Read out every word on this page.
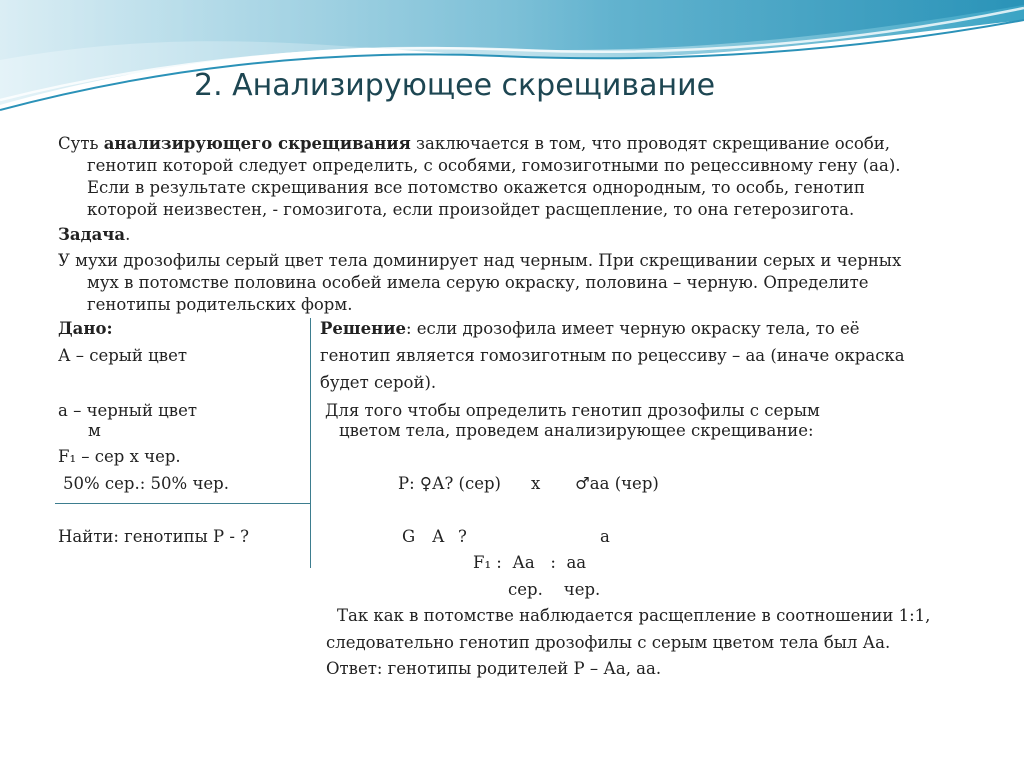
2. Анализирующее скрещивание
Суть анализирующего скрещивания заключается в том, что проводят скрещивание особи,
генотип которой следует определить, с особями, гомозиготными по рецессивному гену (аа).
Если в результате скрещивания все потомство окажется однородным, то особь, генотип
которой неизвестен, - гомозигота, если произойдет расщепление, то она гетерозигота.
Задача.
У мухи дрозофилы серый цвет тела доминирует над черным. При скрещивании серых и черных
мух в потомстве половина особей имела серую окраску, половина – черную. Определите
генотипы родительских форм.
Дано:
А – серый цвет
а – черный цвет
м
F₁ – сер х чер.
50% сер.: 50% чер.
Найти: генотипы Р - ?
Решение: если дрозофила имеет черную окраску тела, то её
генотип является гомозиготным по рецессиву – аа (иначе окраска
будет серой).
Для того чтобы определить генотип дрозофилы с серым
цветом тела, проведем анализирующее скрещивание:
Р: ♀А? (сер) х ♂аа (чер)
G А ?	а
F₁ :  Аа   :  аа
сер.    чер.
Так как в потомстве наблюдается расщепление в соотношении 1:1,
следовательно генотип дрозофилы с серым цветом тела был Аа.
Ответ: генотипы родителей Р – Аа, аа.
